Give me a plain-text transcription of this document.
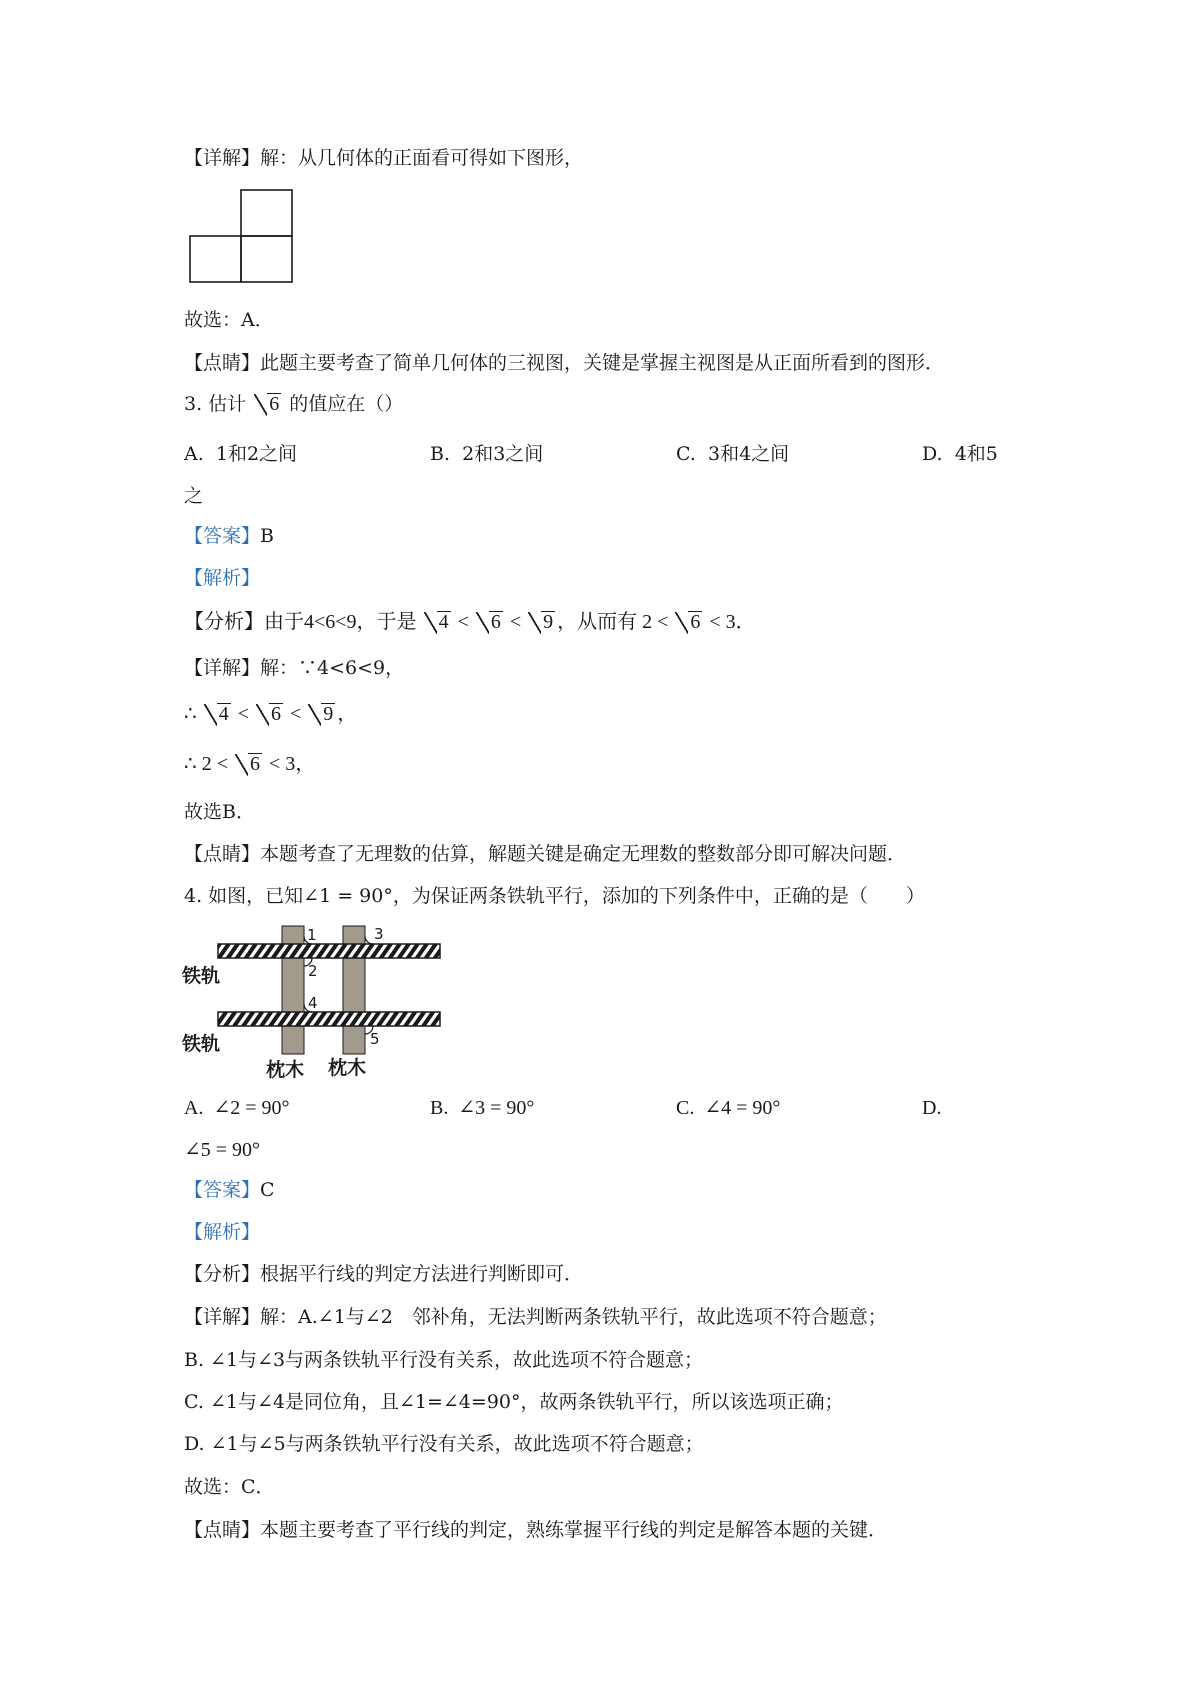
【详解】解：从几何体的正面看可得如下图形，
故选：A．
【点睛】此题主要考查了简单几何体的三视图，关键是掌握主视图是从正面所看到的图形．
3. 估计 6 的值应在（）
A. 1和2之间	B. 2和3之间	C. 3和4之间	D. 4和5
之
【答案】B
【解析】
【分析】由于4<6<9，于是 4 < 6 < 9 ，从而有 2 < 6 < 3．
【详解】解：∵4<6<9，
∴ 4 < 6 < 9 ，
∴ 2 < 6 < 3，
故选B．
【点睛】本题考查了无理数的估算，解题关键是确定无理数的整数部分即可解决问题．
4. 如图，已知∠1 = 90°，为保证两条铁轨平行，添加的下列条件中，正确的是（　　）
1
2
3
4
5
铁轨
铁轨
枕木 枕木
A. ∠2 = 90°	B. ∠3 = 90°	C. ∠4 = 90°	D.
∠5 = 90°
【答案】C
【解析】
【分析】根据平行线的判定方法进行判断即可．
【详解】解：A.∠1与∠2　邻补角，无法判断两条铁轨平行，故此选项不符合题意；
B. ∠1与∠3与两条铁轨平行没有关系，故此选项不符合题意；
C. ∠1与∠4是同位角，且∠1=∠4=90°，故两条铁轨平行，所以该选项正确；
D. ∠1与∠5与两条铁轨平行没有关系，故此选项不符合题意；
故选：C．
【点睛】本题主要考查了平行线的判定，熟练掌握平行线的判定是解答本题的关键．
